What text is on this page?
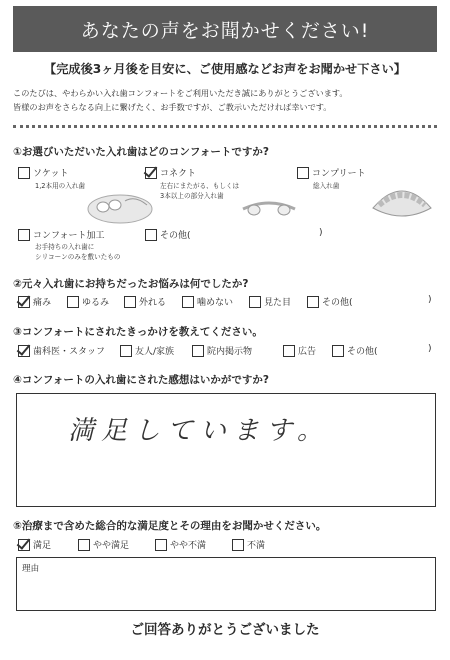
あなたの声をお聞かせください!
【完成後3ヶ月後を目安に、ご使用感などお声をお聞かせ下さい】
このたびは、やわらかい入れ歯コンフォートをご利用いただき誠にありがとうございます。
皆様のお声をさらなる向上に繋げたく、お手数ですが、ご教示いただければ幸いです。
①お選びいただいた入れ歯はどのコンフォートですか?
ソケット
1,2本用の入れ歯
コネクト
左右にまたがる、もしくは
3本以上の部分入れ歯
コンプリート
総入れ歯
コンフォート加工
お手持ちの入れ歯に
シリコーンのみを敷いたもの
その他(	)
②元々入れ歯にお持ちだったお悩みは何でしたか?
痛み	ゆるみ	外れる	噛めない	見た目	その他(	)
③コンフォートにされたきっかけを教えてください。
歯科医・スタッフ	友人/家族	院内掲示物	広告	その他(	)
④コンフォートの入れ歯にされた感想はいかがですか?
満足しています。
⑤治療まで含めた総合的な満足度とその理由をお聞かせください。
満足	やや満足	やや不満	不満
理由
ご回答ありがとうございました
